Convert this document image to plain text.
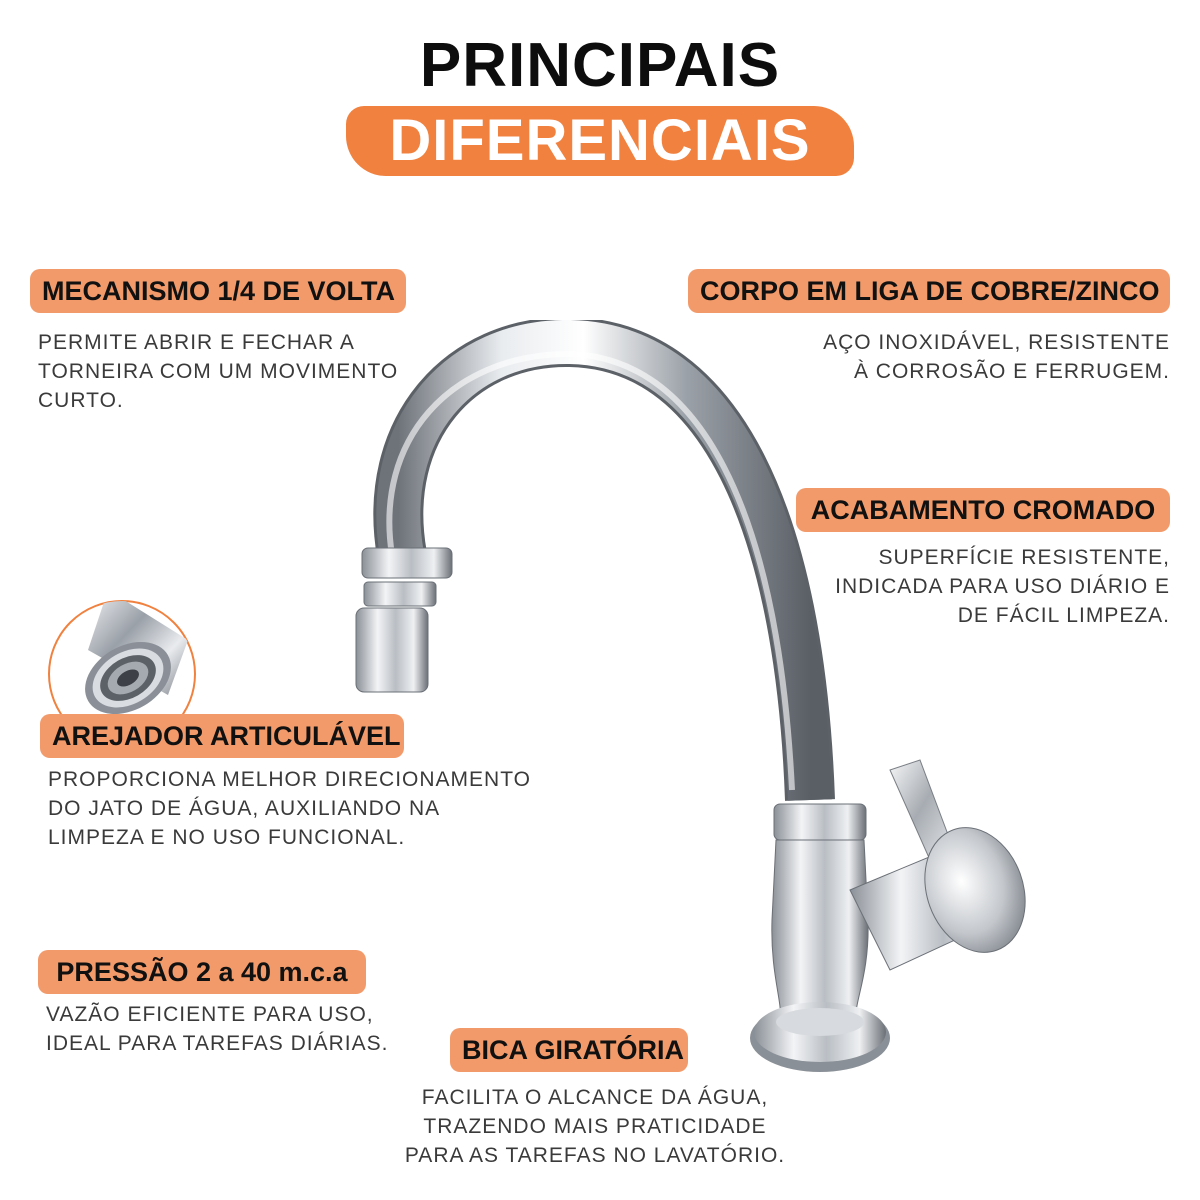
PRINCIPAIS
DIFERENCIAIS
MECANISMO 1/4 DE VOLTA
PERMITE ABRIR E FECHAR A
TORNEIRA COM UM MOVIMENTO
CURTO.
CORPO EM LIGA DE COBRE/ZINCO
AÇO INOXIDÁVEL, RESISTENTE
À CORROSÃO E FERRUGEM.
ACABAMENTO CROMADO
SUPERFÍCIE RESISTENTE,
INDICADA PARA USO DIÁRIO E
DE FÁCIL LIMPEZA.
AREJADOR ARTICULÁVEL
PROPORCIONA MELHOR DIRECIONAMENTO
DO JATO DE ÁGUA, AUXILIANDO NA
LIMPEZA E NO USO FUNCIONAL.
PRESSÃO 2 a 40 m.c.a
VAZÃO EFICIENTE PARA USO,
IDEAL PARA TAREFAS DIÁRIAS.	BICA GIRATÓRIA
FACILITA O ALCANCE DA ÁGUA,
TRAZENDO MAIS PRATICIDADE
PARA AS TAREFAS NO LAVATÓRIO.
